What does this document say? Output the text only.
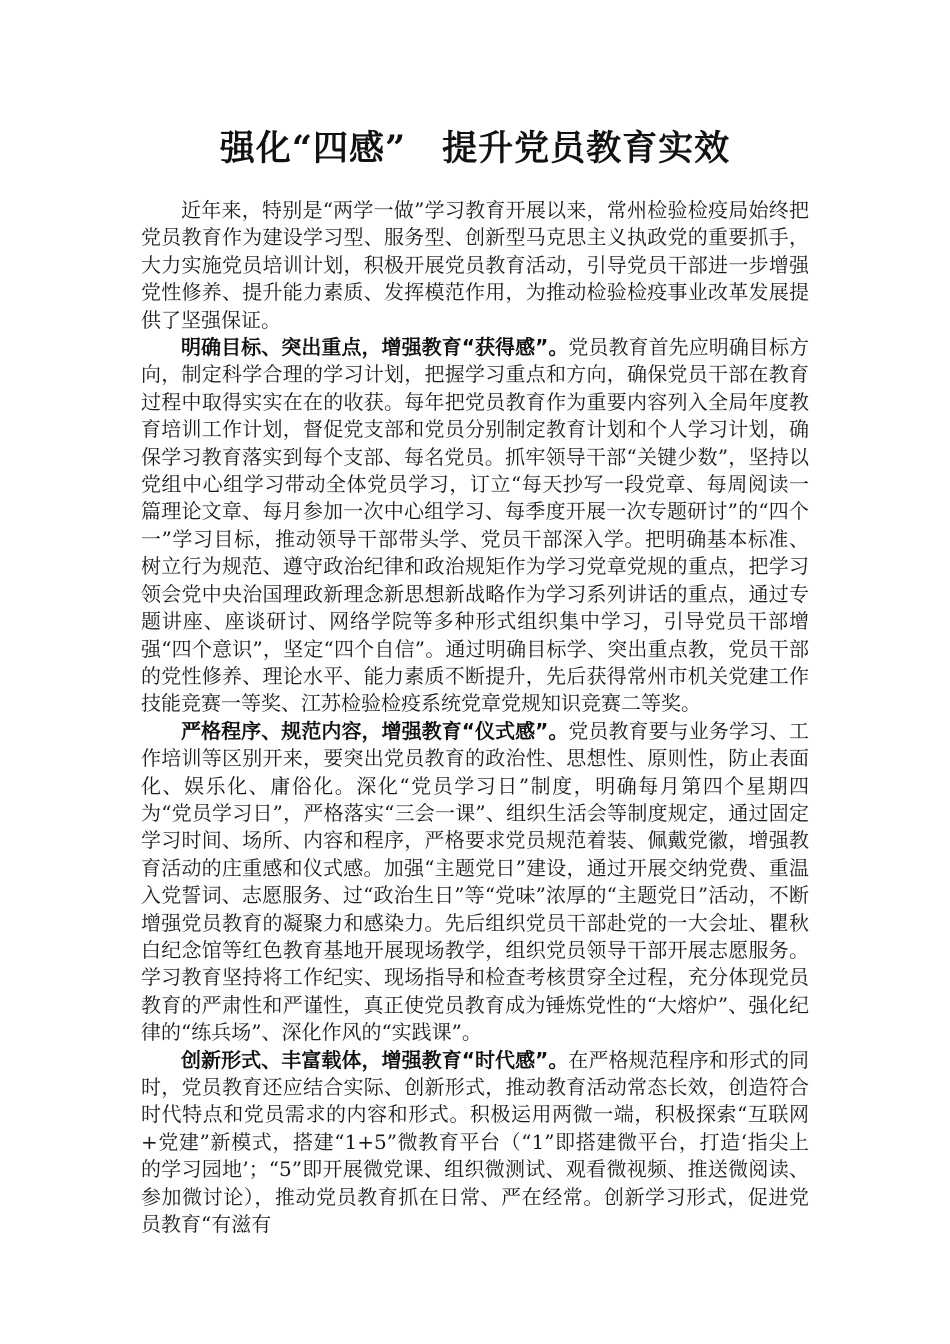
强化“四感”　提升党员教育实效

近年来，特别是“两学一做”学习教育开展以来，常州检验检疫局始终把党员教育作为建设学习型、服务型、创新型马克思主义执政党的重要抓手，大力实施党员培训计划，积极开展党员教育活动，引导党员干部进一步增强党性修养、提升能力素质、发挥模范作用，为推动检验检疫事业改革发展提供了坚强保证。

明确目标、突出重点，增强教育“获得感”。党员教育首先应明确目标方向，制定科学合理的学习计划，把握学习重点和方向，确保党员干部在教育过程中取得实实在在的收获。每年把党员教育作为重要内容列入全局年度教育培训工作计划，督促党支部和党员分别制定教育计划和个人学习计划，确保学习教育落实到每个支部、每名党员。抓牢领导干部“关键少数”，坚持以党组中心组学习带动全体党员学习，订立“每天抄写一段党章、每周阅读一篇理论文章、每月参加一次中心组学习、每季度开展一次专题研讨”的“四个一”学习目标，推动领导干部带头学、党员干部深入学。把明确基本标准、树立行为规范、遵守政治纪律和政治规矩作为学习党章党规的重点，把学习领会党中央治国理政新理念新思想新战略作为学习系列讲话的重点，通过专题讲座、座谈研讨、网络学院等多种形式组织集中学习，引导党员干部增强“四个意识”，坚定“四个自信”。通过明确目标学、突出重点教，党员干部的党性修养、理论水平、能力素质不断提升，先后获得常州市机关党建工作技能竞赛一等奖、江苏检验检疫系统党章党规知识竞赛二等奖。

严格程序、规范内容，增强教育“仪式感”。党员教育要与业务学习、工作培训等区别开来，要突出党员教育的政治性、思想性、原则性，防止表面化、娱乐化、庸俗化。深化“党员学习日”制度，明确每月第四个星期四为“党员学习日”，严格落实“三会一课”、组织生活会等制度规定，通过固定学习时间、场所、内容和程序，严格要求党员规范着装、佩戴党徽，增强教育活动的庄重感和仪式感。加强“主题党日”建设，通过开展交纳党费、重温入党誓词、志愿服务、过“政治生日”等“党味”浓厚的“主题党日”活动，不断增强党员教育的凝聚力和感染力。先后组织党员干部赴党的一大会址、瞿秋白纪念馆等红色教育基地开展现场教学，组织党员领导干部开展志愿服务。学习教育坚持将工作纪实、现场指导和检查考核贯穿全过程，充分体现党员教育的严肃性和严谨性，真正使党员教育成为锤炼党性的“大熔炉”、强化纪律的“练兵场”、深化作风的“实践课”。

创新形式、丰富载体，增强教育“时代感”。在严格规范程序和形式的同时，党员教育还应结合实际、创新形式，推动教育活动常态长效，创造符合时代特点和党员需求的内容和形式。积极运用两微一端，积极探索“互联网+党建”新模式，搭建“1+5”微教育平台（“1”即搭建微平台，打造‘指尖上的学习园地’；“5”即开展微党课、组织微测试、观看微视频、推送微阅读、参加微讨论），推动党员教育抓在日常、严在经常。创新学习形式，促进党员教育“有滋有
